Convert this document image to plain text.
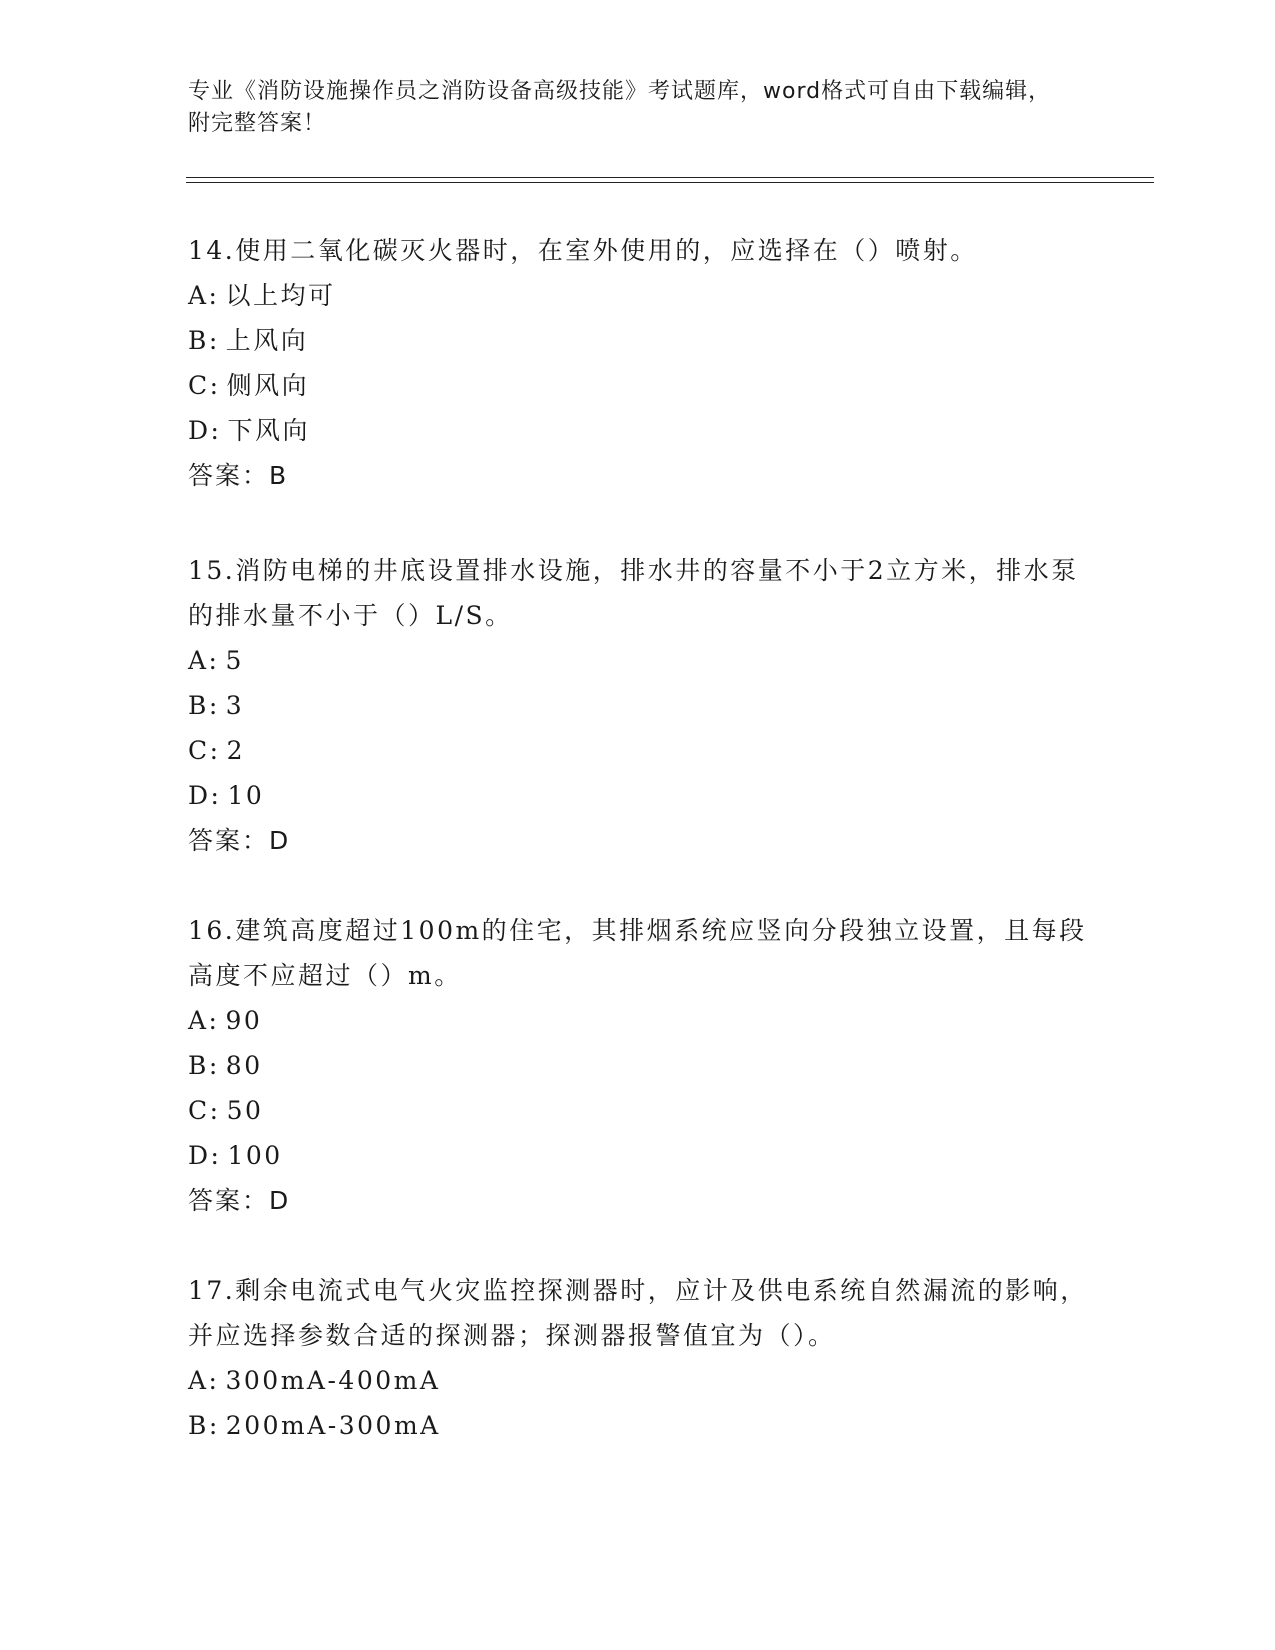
专业《消防设施操作员之消防设备高级技能》考试题库，word格式可自由下载编辑，附完整答案！

14.使用二氧化碳灭火器时，在室外使用的，应选择在（）喷射。

A: 以上均可

B: 上风向

C: 侧风向

D: 下风向

答案：B

15.消防电梯的井底设置排水设施，排水井的容量不小于2立方米，排水泵的排水量不小于（）L/S。

A: 5

B: 3

C: 2

D: 10

答案：D

16.建筑高度超过100m的住宅，其排烟系统应竖向分段独立设置，且每段高度不应超过（）m。

A: 90

B: 80

C: 50

D: 100

答案：D

17.剩余电流式电气火灾监控探测器时，应计及供电系统自然漏流的影响，并应选择参数合适的探测器；探测器报警值宜为（）。

A: 300mA-400mA

B: 200mA-300mA
